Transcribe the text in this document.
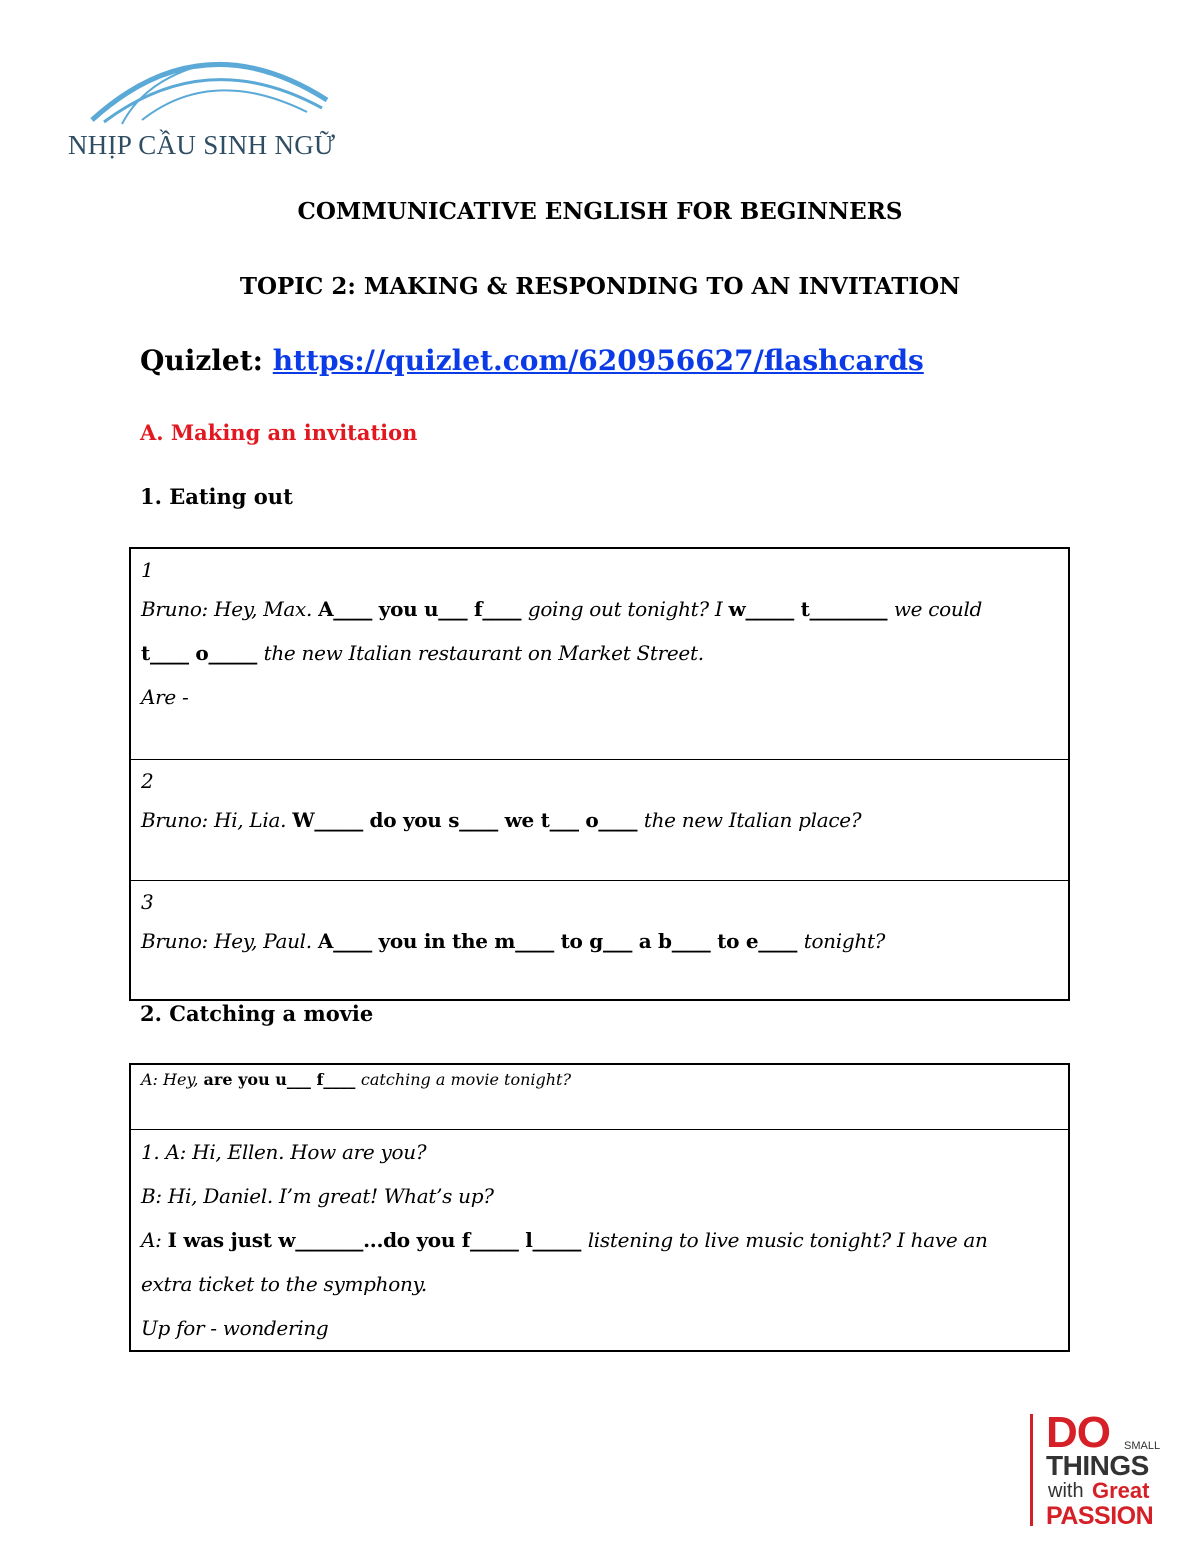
NHỊP CẦU SINH NGỮ
COMMUNICATIVE ENGLISH FOR BEGINNERS
TOPIC 2: MAKING & RESPONDING TO AN INVITATION
Quizlet: https://quizlet.com/620956627/flashcards
A. Making an invitation
1. Eating out
1
Bruno: Hey, Max. A____ you u___ f____ going out tonight? I w_____ t________ we could
t____ o_____ the new Italian restaurant on Market Street.
Are -

2
Bruno: Hi, Lia. W_____ do you s____ we t___ o____ the new Italian place?

3
Bruno: Hey, Paul. A____ you in the m____ to g___ a b____ to e____ tonight?
2. Catching a movie
A: Hey, are you u___ f____ catching a movie tonight?

1. A: Hi, Ellen. How are you?
B: Hi, Daniel. I’m great! What’s up?
A: I was just w_______...do you f_____ l_____ listening to live music tonight? I have an
extra ticket to the symphony.
Up for - wondering
DO SMALL
THINGS
with Great
PASSION
